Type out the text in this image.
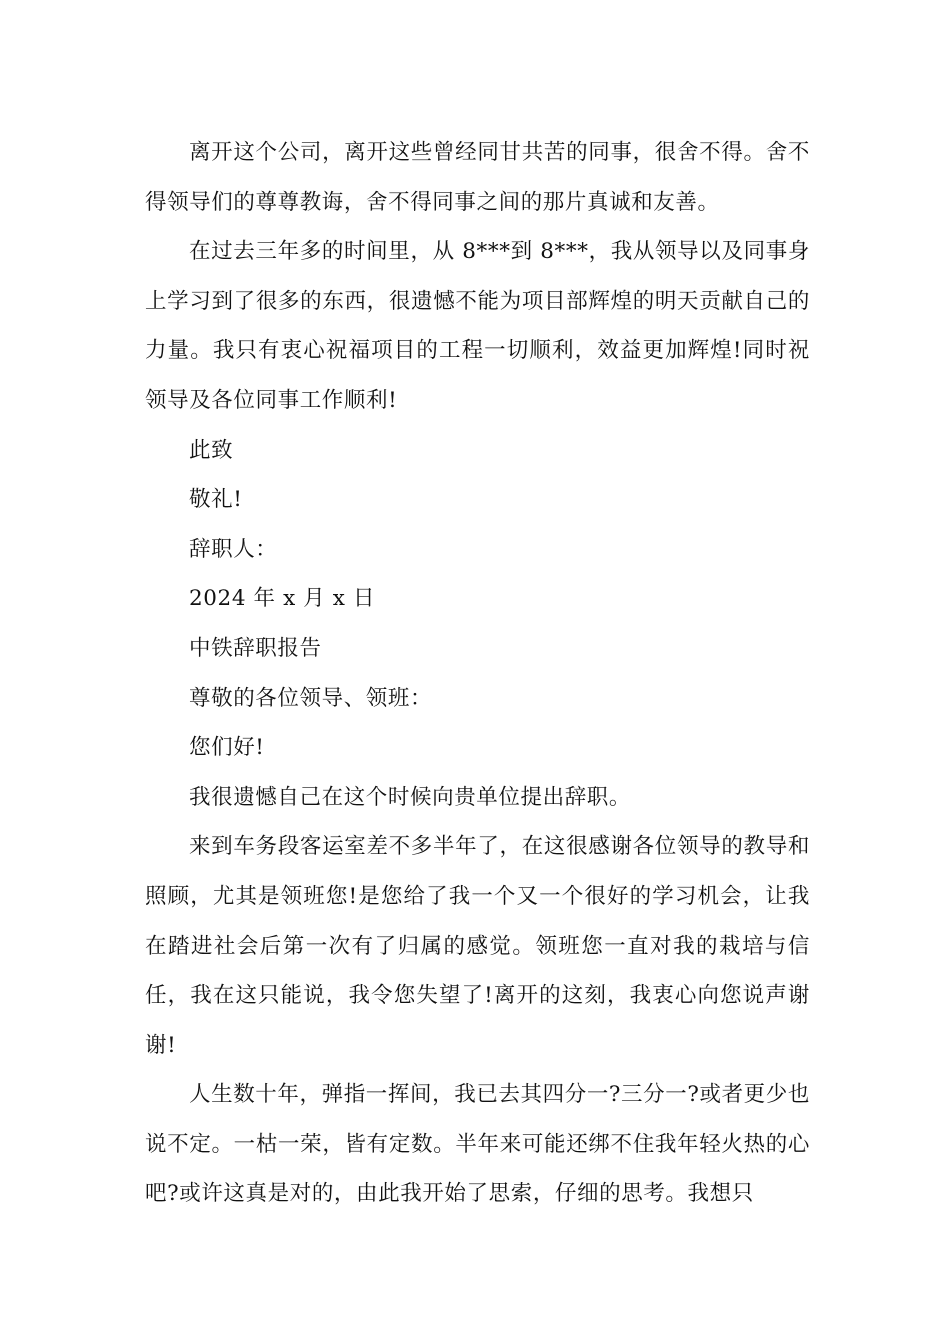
离开这个公司，离开这些曾经同甘共苦的同事，很舍不得。舍不得领导们的尊尊教诲，舍不得同事之间的那片真诚和友善。

在过去三年多的时间里，从 8***到 8***，我从领导以及同事身上学习到了很多的东西，很遗憾不能为项目部辉煌的明天贡献自己的力量。我只有衷心祝福项目的工程一切顺利，效益更加辉煌!同时祝领导及各位同事工作顺利!

此致

敬礼!

辞职人：

2024 年 x 月 x 日

中铁辞职报告

尊敬的各位领导、领班：

您们好!

我很遗憾自己在这个时候向贵单位提出辞职。

来到车务段客运室差不多半年了，在这很感谢各位领导的教导和照顾，尤其是领班您!是您给了我一个又一个很好的学习机会，让我在踏进社会后第一次有了归属的感觉。领班您一直对我的栽培与信任，我在这只能说，我令您失望了!离开的这刻，我衷心向您说声谢谢!

人生数十年，弹指一挥间，我已去其四分一?三分一?或者更少也说不定。一枯一荣，皆有定数。半年来可能还绑不住我年轻火热的心吧?或许这真是对的，由此我开始了思索，仔细的思考。我想只
